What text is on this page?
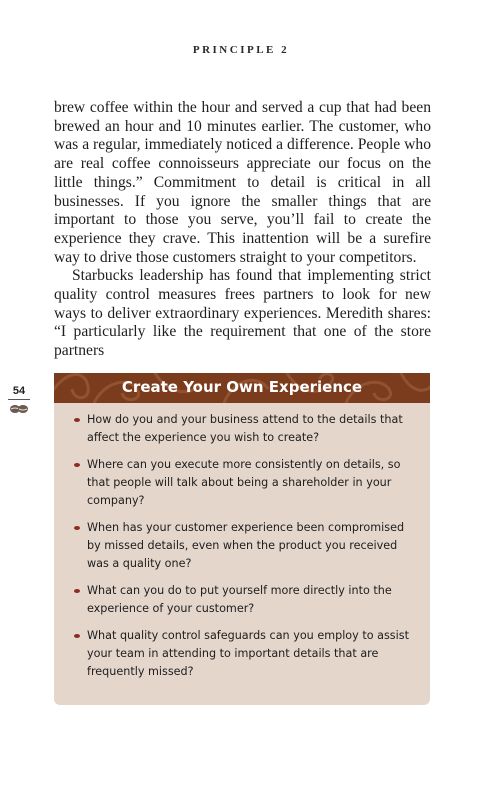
PRINCIPLE 2

brew coffee within the hour and served a cup that had been brewed an hour and 10 minutes earlier. The customer, who was a regular, immediately noticed a difference. People who are real coffee connoisseurs appreciate our focus on the little things.” Commitment to detail is critical in all businesses. If you ignore the smaller things that are important to those you serve, you’ll fail to create the experience they crave. This inattention will be a surefire way to drive those customers straight to your competitors.

Starbucks leadership has found that implementing strict quality control measures frees partners to look for new ways to deliver extraordinary experiences. Meredith shares: “I particularly like the requirement that one of the store partners

54	Create Your Own Experience
How do you and your business attend to the details that affect the experience you wish to create?
Where can you execute more consistently on details, so that people will talk about being a shareholder in your company?
When has your customer experience been compromised by missed details, even when the product you received was a quality one?
What can you do to put yourself more directly into the experience of your customer?
What quality control safeguards can you employ to assist your team in attending to important details that are frequently missed?
